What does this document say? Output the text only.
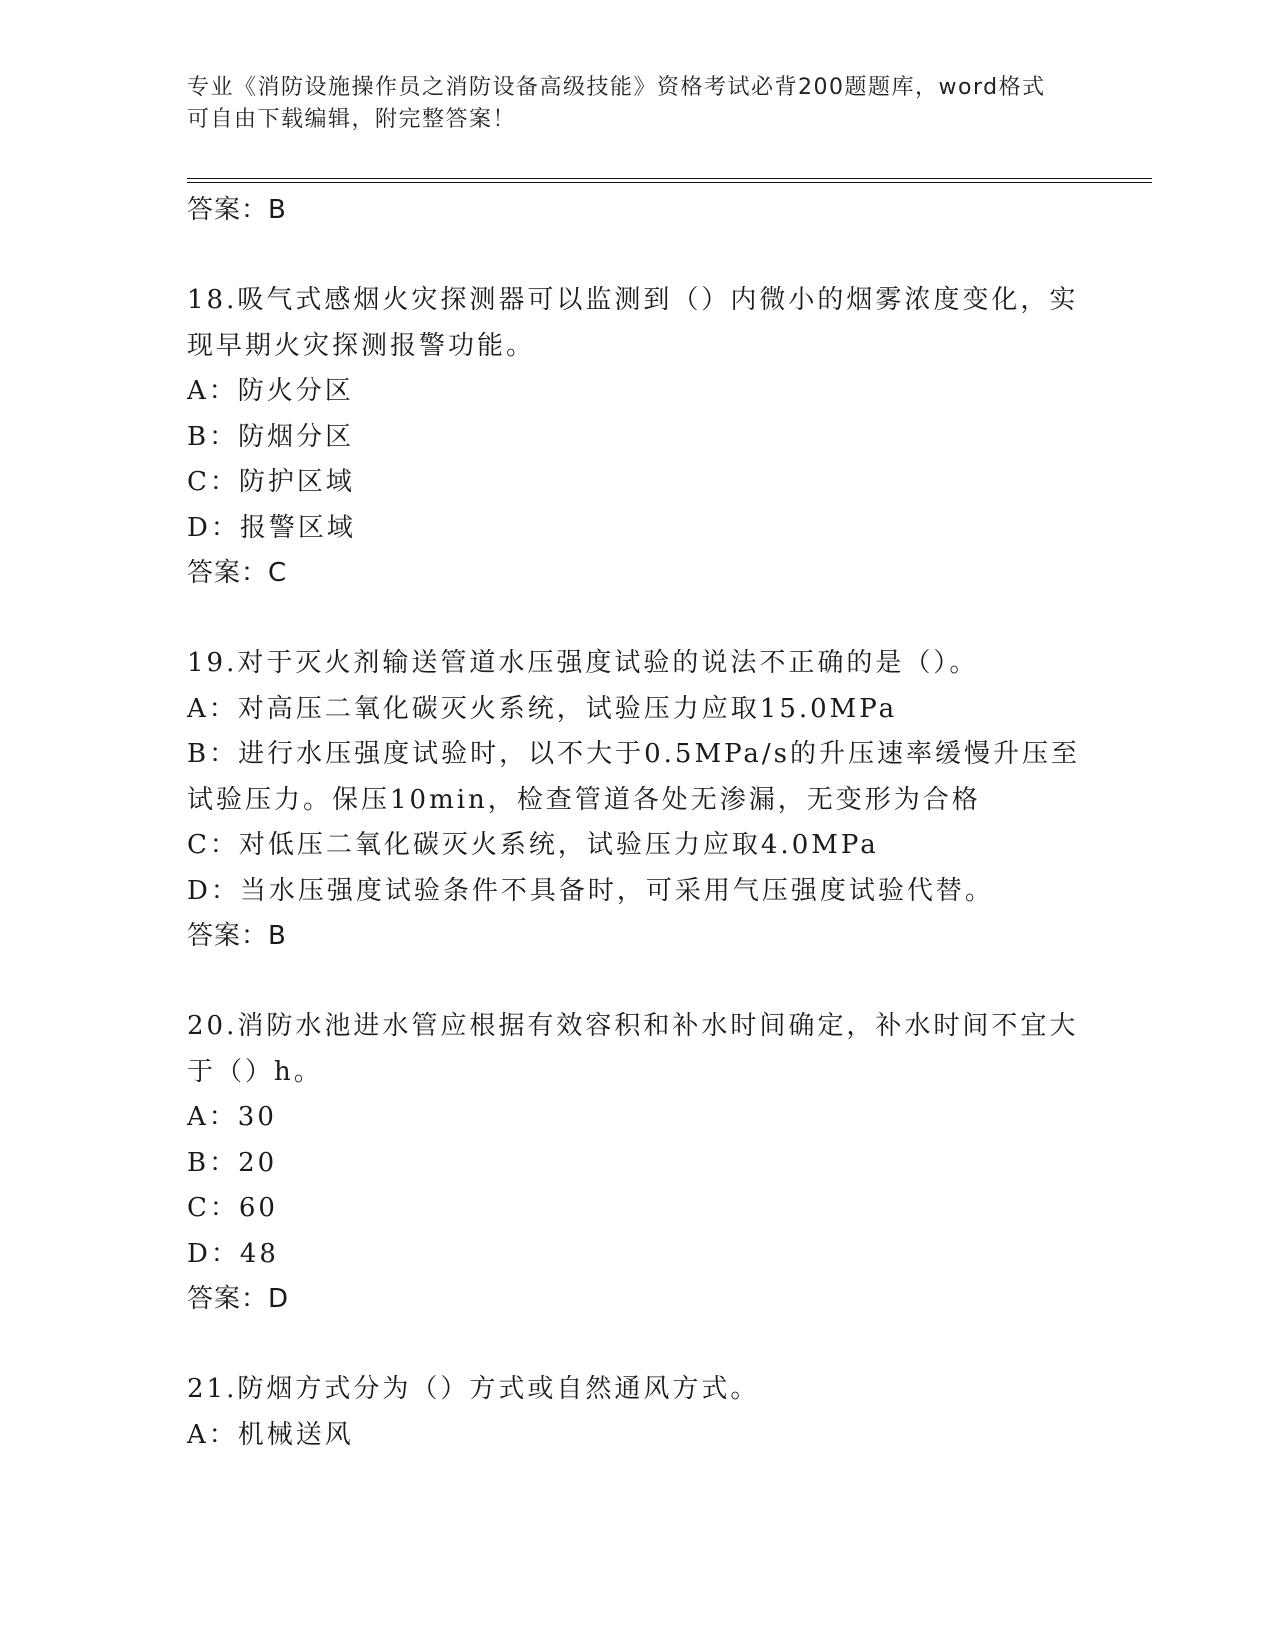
专业《消防设施操作员之消防设备高级技能》资格考试必背200题题库，word格式可自由下载编辑，附完整答案！
答案：B
18.吸气式感烟火灾探测器可以监测到（）内微小的烟雾浓度变化，实
现早期火灾探测报警功能。
A：防火分区
B：防烟分区
C：防护区域
D：报警区域
答案：C
19.对于灭火剂输送管道水压强度试验的说法不正确的是（）。
A：对高压二氧化碳灭火系统，试验压力应取15.0MPa
B：进行水压强度试验时，以不大于0.5MPa/s的升压速率缓慢升压至
试验压力。保压10min，检查管道各处无渗漏，无变形为合格
C：对低压二氧化碳灭火系统，试验压力应取4.0MPa
D：当水压强度试验条件不具备时，可采用气压强度试验代替。
答案：B
20.消防水池进水管应根据有效容积和补水时间确定，补水时间不宜大
于（）h。
A：30
B：20
C：60
D：48
答案：D
21.防烟方式分为（）方式或自然通风方式。
A：机械送风
